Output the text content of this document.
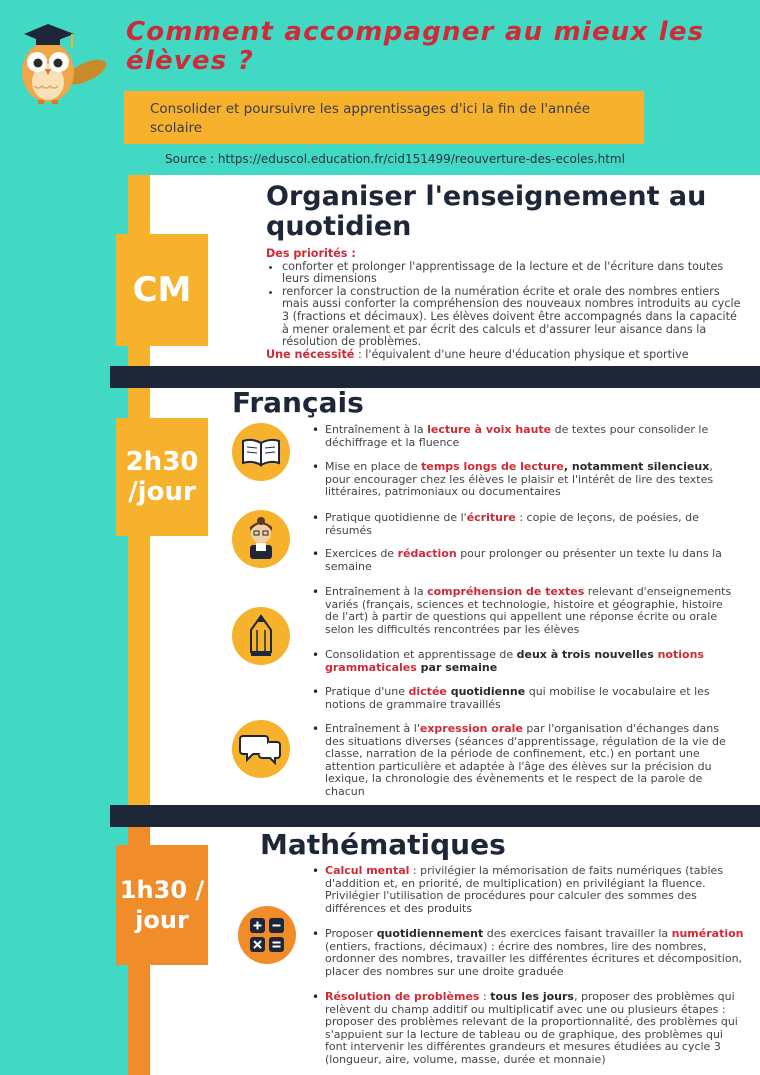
Comment accompagner au mieux les élèves ?
Consolider et poursuivre les apprentissages d'ici la fin de l'année scolaire
Source : https://eduscol.education.fr/cid151499/reouverture-des-ecoles.html
CM
Organiser l'enseignement au quotidien
Des priorités :
• conforter et prolonger l'apprentissage de la lecture et de l'écriture dans toutes leurs dimensions
• renforcer la construction de la numération écrite et orale des nombres entiers mais aussi conforter la compréhension des nouveaux nombres introduits au cycle 3 (fractions et décimaux). Les élèves doivent être accompagnés dans la capacité à mener oralement et par écrit des calculs et d'assurer leur aisance dans la résolution de problèmes.
Une nécessité : l'équivalent d'une heure d'éducation physique et sportive
Français
2h30
/jour
• Entraînement à la lecture à voix haute de textes pour consolider le déchiffrage et la fluence
• Mise en place de temps longs de lecture, notamment silencieux, pour encourager chez les élèves le plaisir et l'intérêt de lire des textes littéraires, patrimoniaux ou documentaires
• Pratique quotidienne de l'écriture : copie de leçons, de poésies, de résumés
• Exercices de rédaction pour prolonger ou présenter un texte lu dans la semaine
• Entraînement à la compréhension de textes relevant d'enseignements variés (français, sciences et technologie, histoire et géographie, histoire de l'art) à partir de questions qui appellent une réponse écrite ou orale selon les difficultés rencontrées par les élèves
• Consolidation et apprentissage de deux à trois nouvelles notions grammaticales par semaine
• Pratique d'une dictée quotidienne qui mobilise le vocabulaire et les notions de grammaire travaillés
• Entraînement à l'expression orale par l'organisation d'échanges dans des situations diverses (séances d'apprentissage, régulation de la vie de classe, narration de la période de confinement, etc.) en portant une attention particulière et adaptée à l'âge des élèves sur la précision du lexique, la chronologie des évènements et le respect de la parole de chacun
Mathématiques
1h30 /
jour
• Calcul mental : privilégier la mémorisation de faits numériques (tables d'addition et, en priorité, de multiplication) en privilégiant la fluence. Privilégier l'utilisation de procédures pour calculer des sommes des différences et des produits
• Proposer quotidiennement des exercices faisant travailler la numération (entiers, fractions, décimaux) : écrire des nombres, lire des nombres, ordonner des nombres, travailler les différentes écritures et décomposition, placer des nombres sur une droite graduée
• Résolution de problèmes : tous les jours, proposer des problèmes qui relèvent du champ additif ou multiplicatif avec une ou plusieurs étapes : proposer des problèmes relevant de la proportionnalité, des problèmes qui s'appuient sur la lecture de tableau ou de graphique, des problèmes qui font intervenir les différentes grandeurs et mesures étudiées au cycle 3 (longueur, aire, volume, masse, durée et monnaie)
